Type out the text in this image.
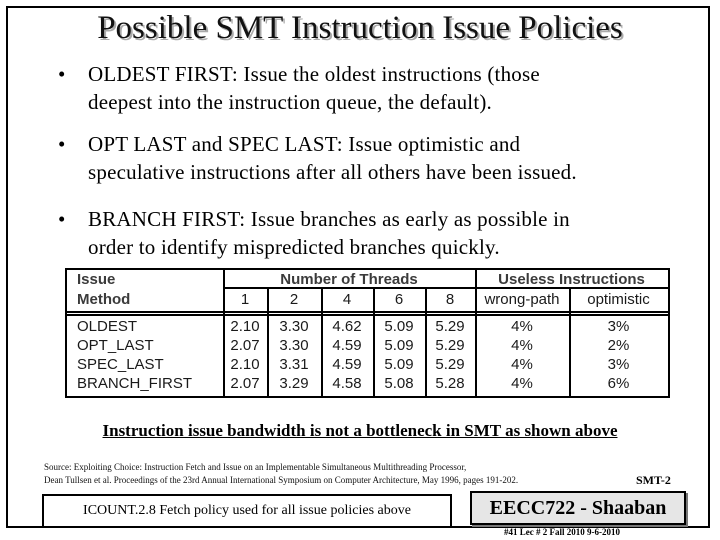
Possible SMT Instruction Issue Policies
•	OLDEST FIRST: Issue the oldest instructions (those
deepest into the instruction queue, the default).
•	OPT LAST and SPEC LAST: Issue optimistic and
speculative instructions after all others have been issued.
•	BRANCH FIRST: Issue branches as early as possible in
order to identify mispredicted branches quickly.
Issue
Method
Number of Threads	Useless Instructions
1	2	4	6	8	wrong-path	optimistic
OLDEST	2.10	3.30	4.62	5.09	5.29	4%	3%
OPT_LAST	2.07	3.30	4.59	5.09	5.29	4%	2%
SPEC_LAST	2.10	3.31	4.59	5.09	5.29	4%	3%
BRANCH_FIRST	2.07	3.29	4.58	5.08	5.28	4%	6%
Instruction issue bandwidth is not a bottleneck in SMT as shown above
Source: Exploiting Choice: Instruction Fetch and Issue on an Implementable Simultaneous Multithreading Processor,
Dean Tullsen et al. Proceedings of the 23rd Annual International Symposium on Computer Architecture, May 1996, pages 191-202.	SMT-2
ICOUNT.2.8 Fetch policy used for all issue policies above	EECC722 - Shaaban
#41 Lec # 2 Fall 2010 9-6-2010
